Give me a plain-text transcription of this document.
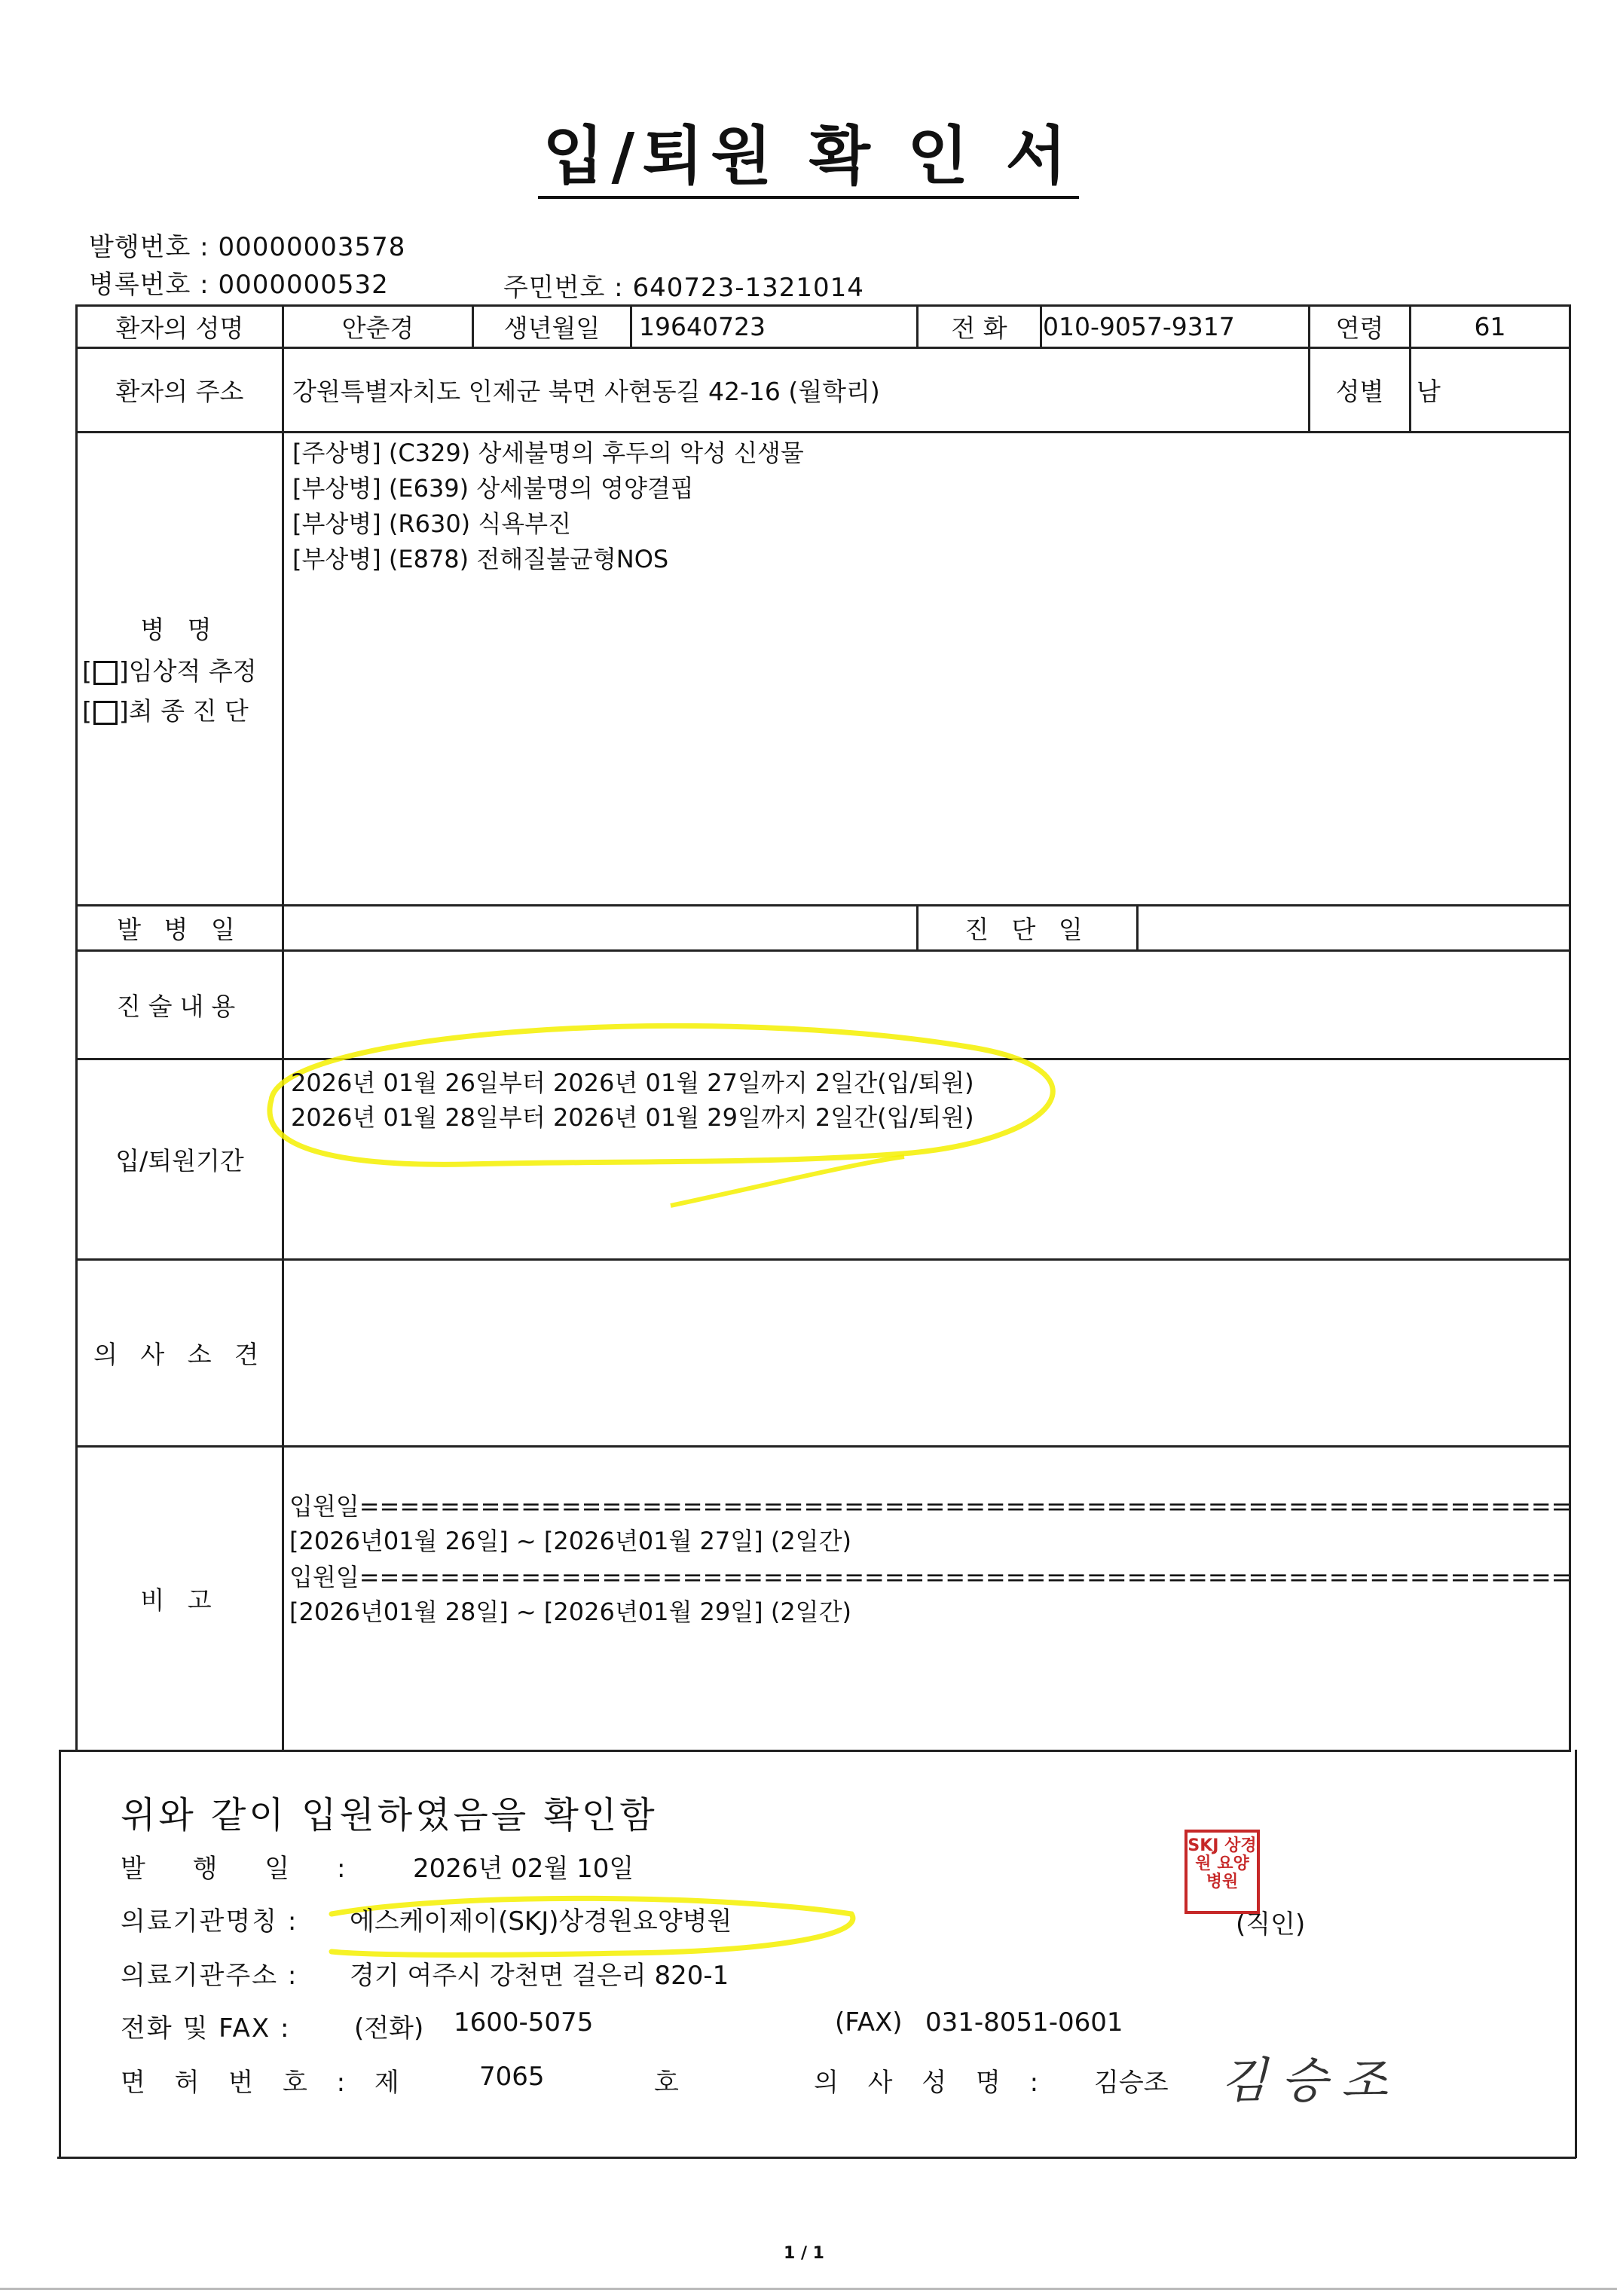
입/퇴원 확 인 서
발행번호 : 00000003578
병록번호 : 0000000532	주민번호 : 640723-1321014
환자의 성명	안춘경	생년월일	19640723	전 화	010-9057-9317	연령	61
환자의 주소	강원특별자치도 인제군 북면 사현동길 42-16 (월학리)	성별	남
병 명
[ ]임상적 추정
[ ]최 종 진 단
[주상병] (C329) 상세불명의 후두의 악성 신생물
[부상병] (E639) 상세불명의 영양결핍
[부상병] (R630) 식욕부진
[부상병] (E878) 전해질불균형NOS
발 병 일	진 단 일
진술내용
입/퇴원기간
2026년 01월 26일부터 2026년 01월 27일까지 2일간(입/퇴원)
2026년 01월 28일부터 2026년 01월 29일까지 2일간(입/퇴원)
의 사 소 견
비 고
입원일============================================================
[2026년01월 26일] ~ [2026년01월 27일] (2일간)
입원일============================================================
[2026년01월 28일] ~ [2026년01월 29일] (2일간)
위와 같이 입원하였음을 확인함
발 행 일 : 2026년 02월 10일
의료기관명칭 : 에스케이제이(SKJ)상경원요양병원	(직인)
SKJ 상경원 요양병원
의료기관주소 : 경기 여주시 강천면 걸은리 820-1
전화 및 FAX : (전화) 1600-5075	(FAX) 031-8051-0601
면 허 번 호 : 제	7065	호	의 사 성 명 : 김승조 김승조
1 / 1
